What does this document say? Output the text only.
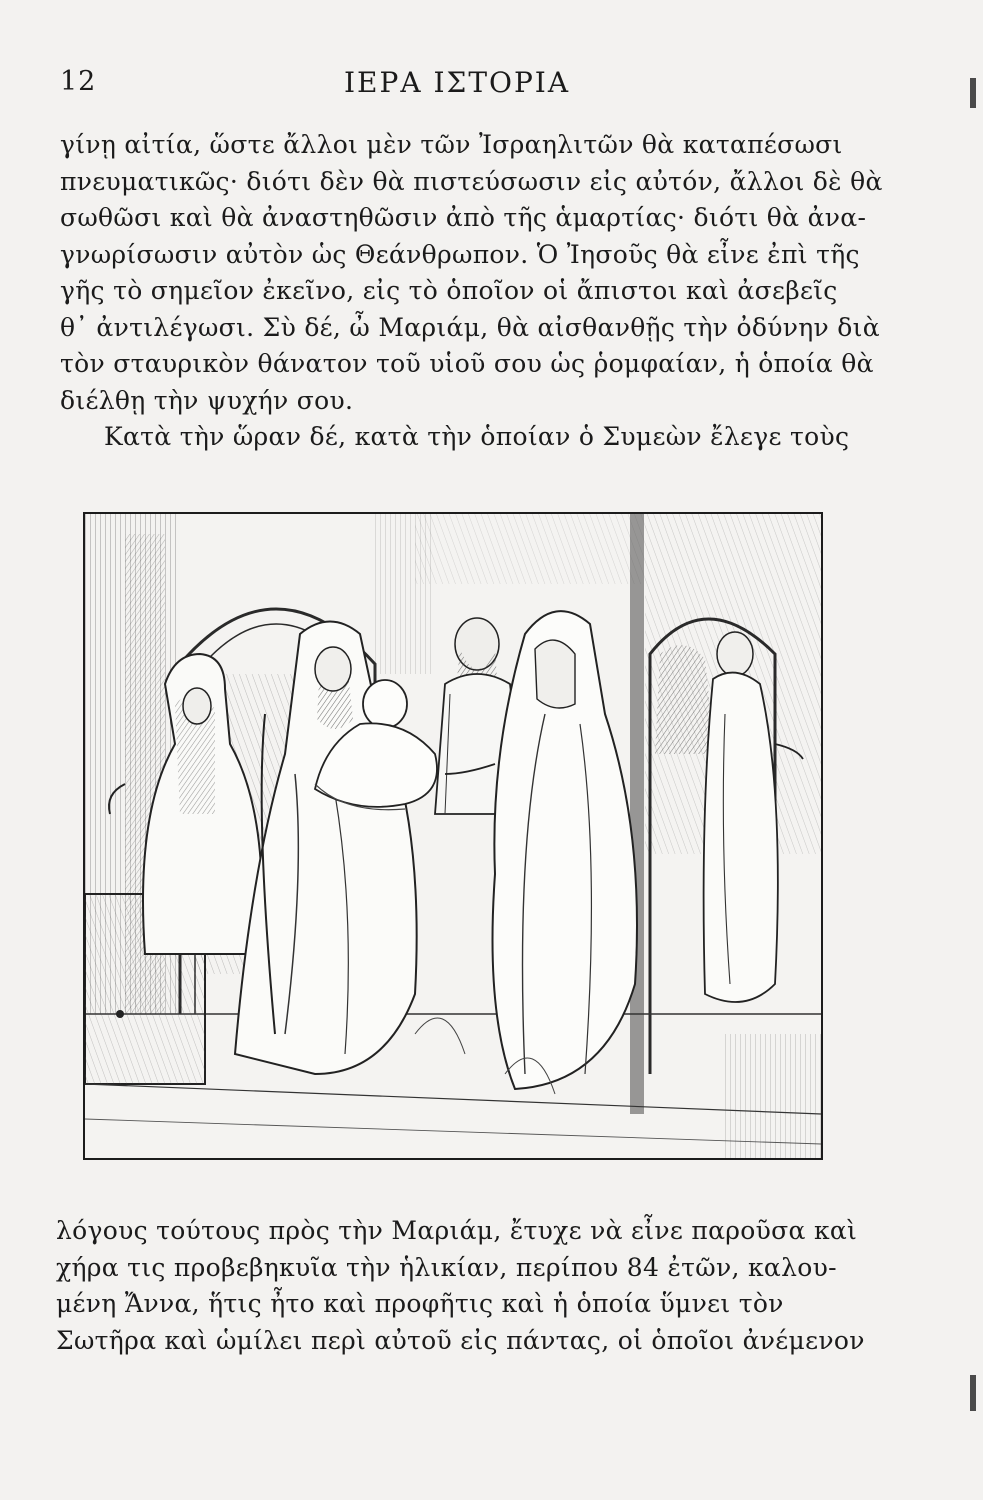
12	ΙΕΡΑ ΙΣΤΟΡΙΑ
γίνῃ αἰτία, ὥστε ἄλλοι μὲν τῶν Ἰσραηλιτῶν θὰ καταπέσωσι
πνευματικῶς· διότι δὲν θὰ πιστεύσωσιν εἰς αὐτόν, ἄλλοι δὲ θὰ
σωθῶσι καὶ θὰ ἀναστηθῶσιν ἀπὸ τῆς ἁμαρτίας· διότι θὰ ἀνα-
γνωρίσωσιν αὐτὸν ὡς Θεάνθρωπον. Ὁ Ἰησοῦς θὰ εἶνε ἐπὶ τῆς
γῆς τὸ σημεῖον ἐκεῖνο, εἰς τὸ ὁποῖον οἱ ἄπιστοι καὶ ἀσεβεῖς
θ᾽ ἀντιλέγωσι. Σὺ δέ, ὦ Μαριάμ, θὰ αἰσθανθῇς τὴν ὀδύνην διὰ
τὸν σταυρικὸν θάνατον τοῦ υἱοῦ σου ὡς ῥομφαίαν, ἡ ὁποία θὰ
διέλθῃ τὴν ψυχήν σου.
Κατὰ τὴν ὥραν δέ, κατὰ τὴν ὁποίαν ὁ Συμεὼν ἔλεγε τοὺς
λόγους τούτους πρὸς τὴν Μαριάμ, ἔτυχε νὰ εἶνε παροῦσα καὶ
χήρα τις προβεβηκυῖα τὴν ἡλικίαν, περίπου 84 ἐτῶν, καλου-
μένη Ἄννα, ἥτις ἦτο καὶ προφῆτις καὶ ἡ ὁποία ὕμνει τὸν
Σωτῆρα καὶ ὡμίλει περὶ αὐτοῦ εἰς πάντας, οἱ ὁποῖοι ἀνέμενον
